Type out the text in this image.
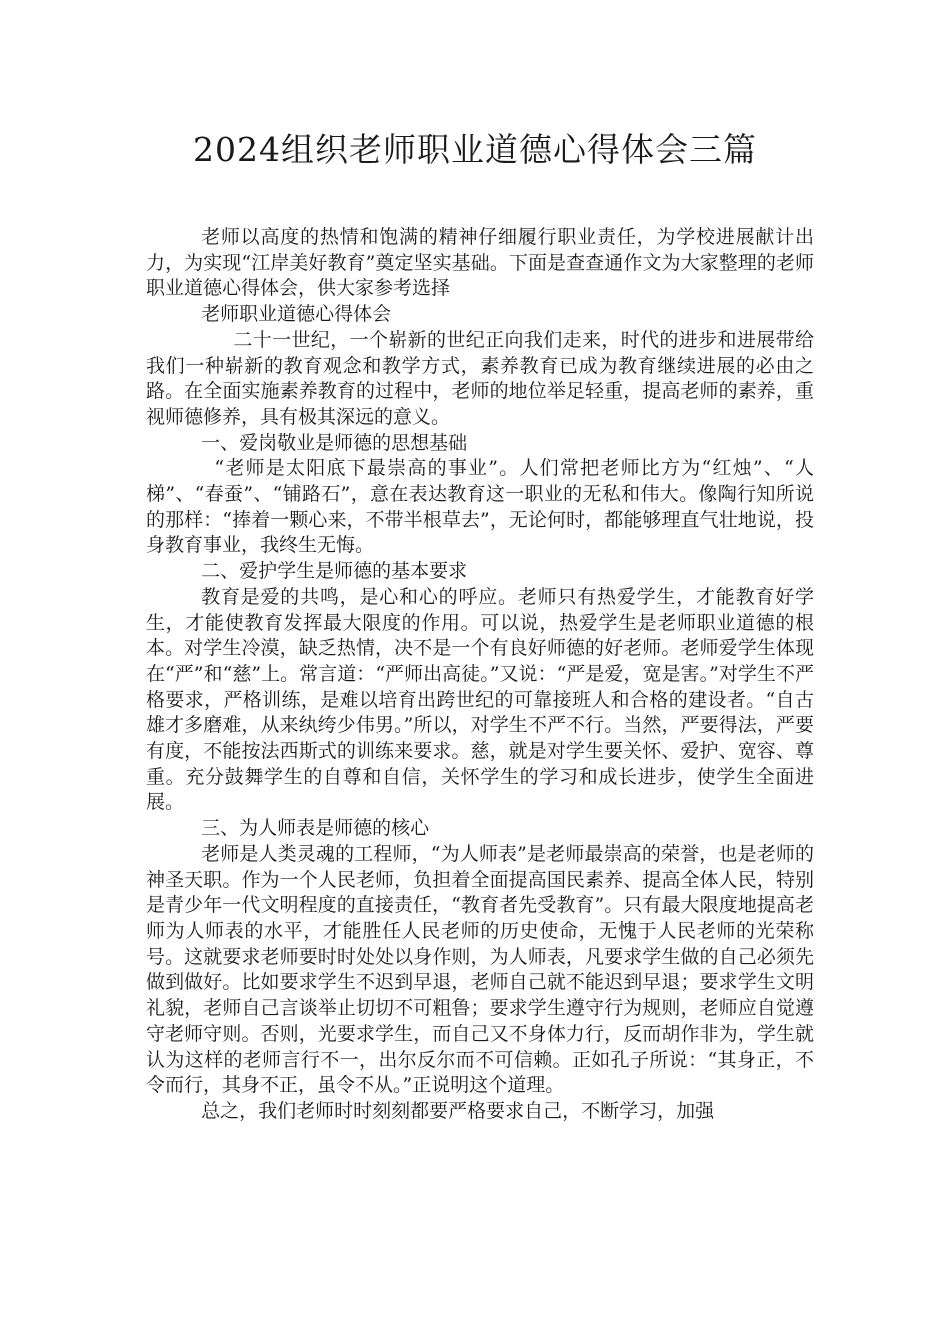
2024组织老师职业道德心得体会三篇

老师以高度的热情和饱满的精神仔细履行职业责任，为学校进展献计出力，为实现“江岸美好教育”奠定坚实基础。下面是查查通作文为大家整理的老师职业道德心得体会，供大家参考选择

老师职业道德心得体会

二十一世纪，一个崭新的世纪正向我们走来，时代的进步和进展带给我们一种崭新的教育观念和教学方式，素养教育已成为教育继续进展的必由之路。在全面实施素养教育的过程中，老师的地位举足轻重，提高老师的素养，重视师德修养，具有极其深远的意义。

一、爱岗敬业是师德的思想基础

“老师是太阳底下最崇高的事业”。人们常把老师比方为“红烛”、“人梯”、“春蚕”、“铺路石”，意在表达教育这一职业的无私和伟大。像陶行知所说的那样：“捧着一颗心来，不带半根草去”，无论何时，都能够理直气壮地说，投身教育事业，我终生无悔。

二、爱护学生是师德的基本要求

教育是爱的共鸣，是心和心的呼应。老师只有热爱学生，才能教育好学生，才能使教育发挥最大限度的作用。可以说，热爱学生是老师职业道德的根本。对学生冷漠，缺乏热情，决不是一个有良好师德的好老师。老师爱学生体现在“严”和“慈”上。常言道：“严师出高徒。”又说：“严是爱，宽是害。”对学生不严格要求，严格训练，是难以培育出跨世纪的可靠接班人和合格的建设者。“自古雄才多磨难，从来纨绔少伟男。”所以，对学生不严不行。当然，严要得法，严要有度，不能按法西斯式的训练来要求。慈，就是对学生要关怀、爱护、宽容、尊重。充分鼓舞学生的自尊和自信，关怀学生的学习和成长进步，使学生全面进展。

三、为人师表是师德的核心

老师是人类灵魂的工程师，“为人师表”是老师最崇高的荣誉，也是老师的神圣天职。作为一个人民老师，负担着全面提高国民素养、提高全体人民，特别是青少年一代文明程度的直接责任，“教育者先受教育”。只有最大限度地提高老师为人师表的水平，才能胜任人民老师的历史使命，无愧于人民老师的光荣称号。这就要求老师要时时处处以身作则，为人师表，凡要求学生做的自己必须先做到做好。比如要求学生不迟到早退，老师自己就不能迟到早退；要求学生文明礼貌，老师自己言谈举止切切不可粗鲁；要求学生遵守行为规则，老师应自觉遵守老师守则。否则，光要求学生，而自己又不身体力行，反而胡作非为，学生就认为这样的老师言行不一，出尔反尔而不可信赖。正如孔子所说：“其身正，不令而行，其身不正，虽令不从。”正说明这个道理。

总之，我们老师时时刻刻都要严格要求自己，不断学习，加强
